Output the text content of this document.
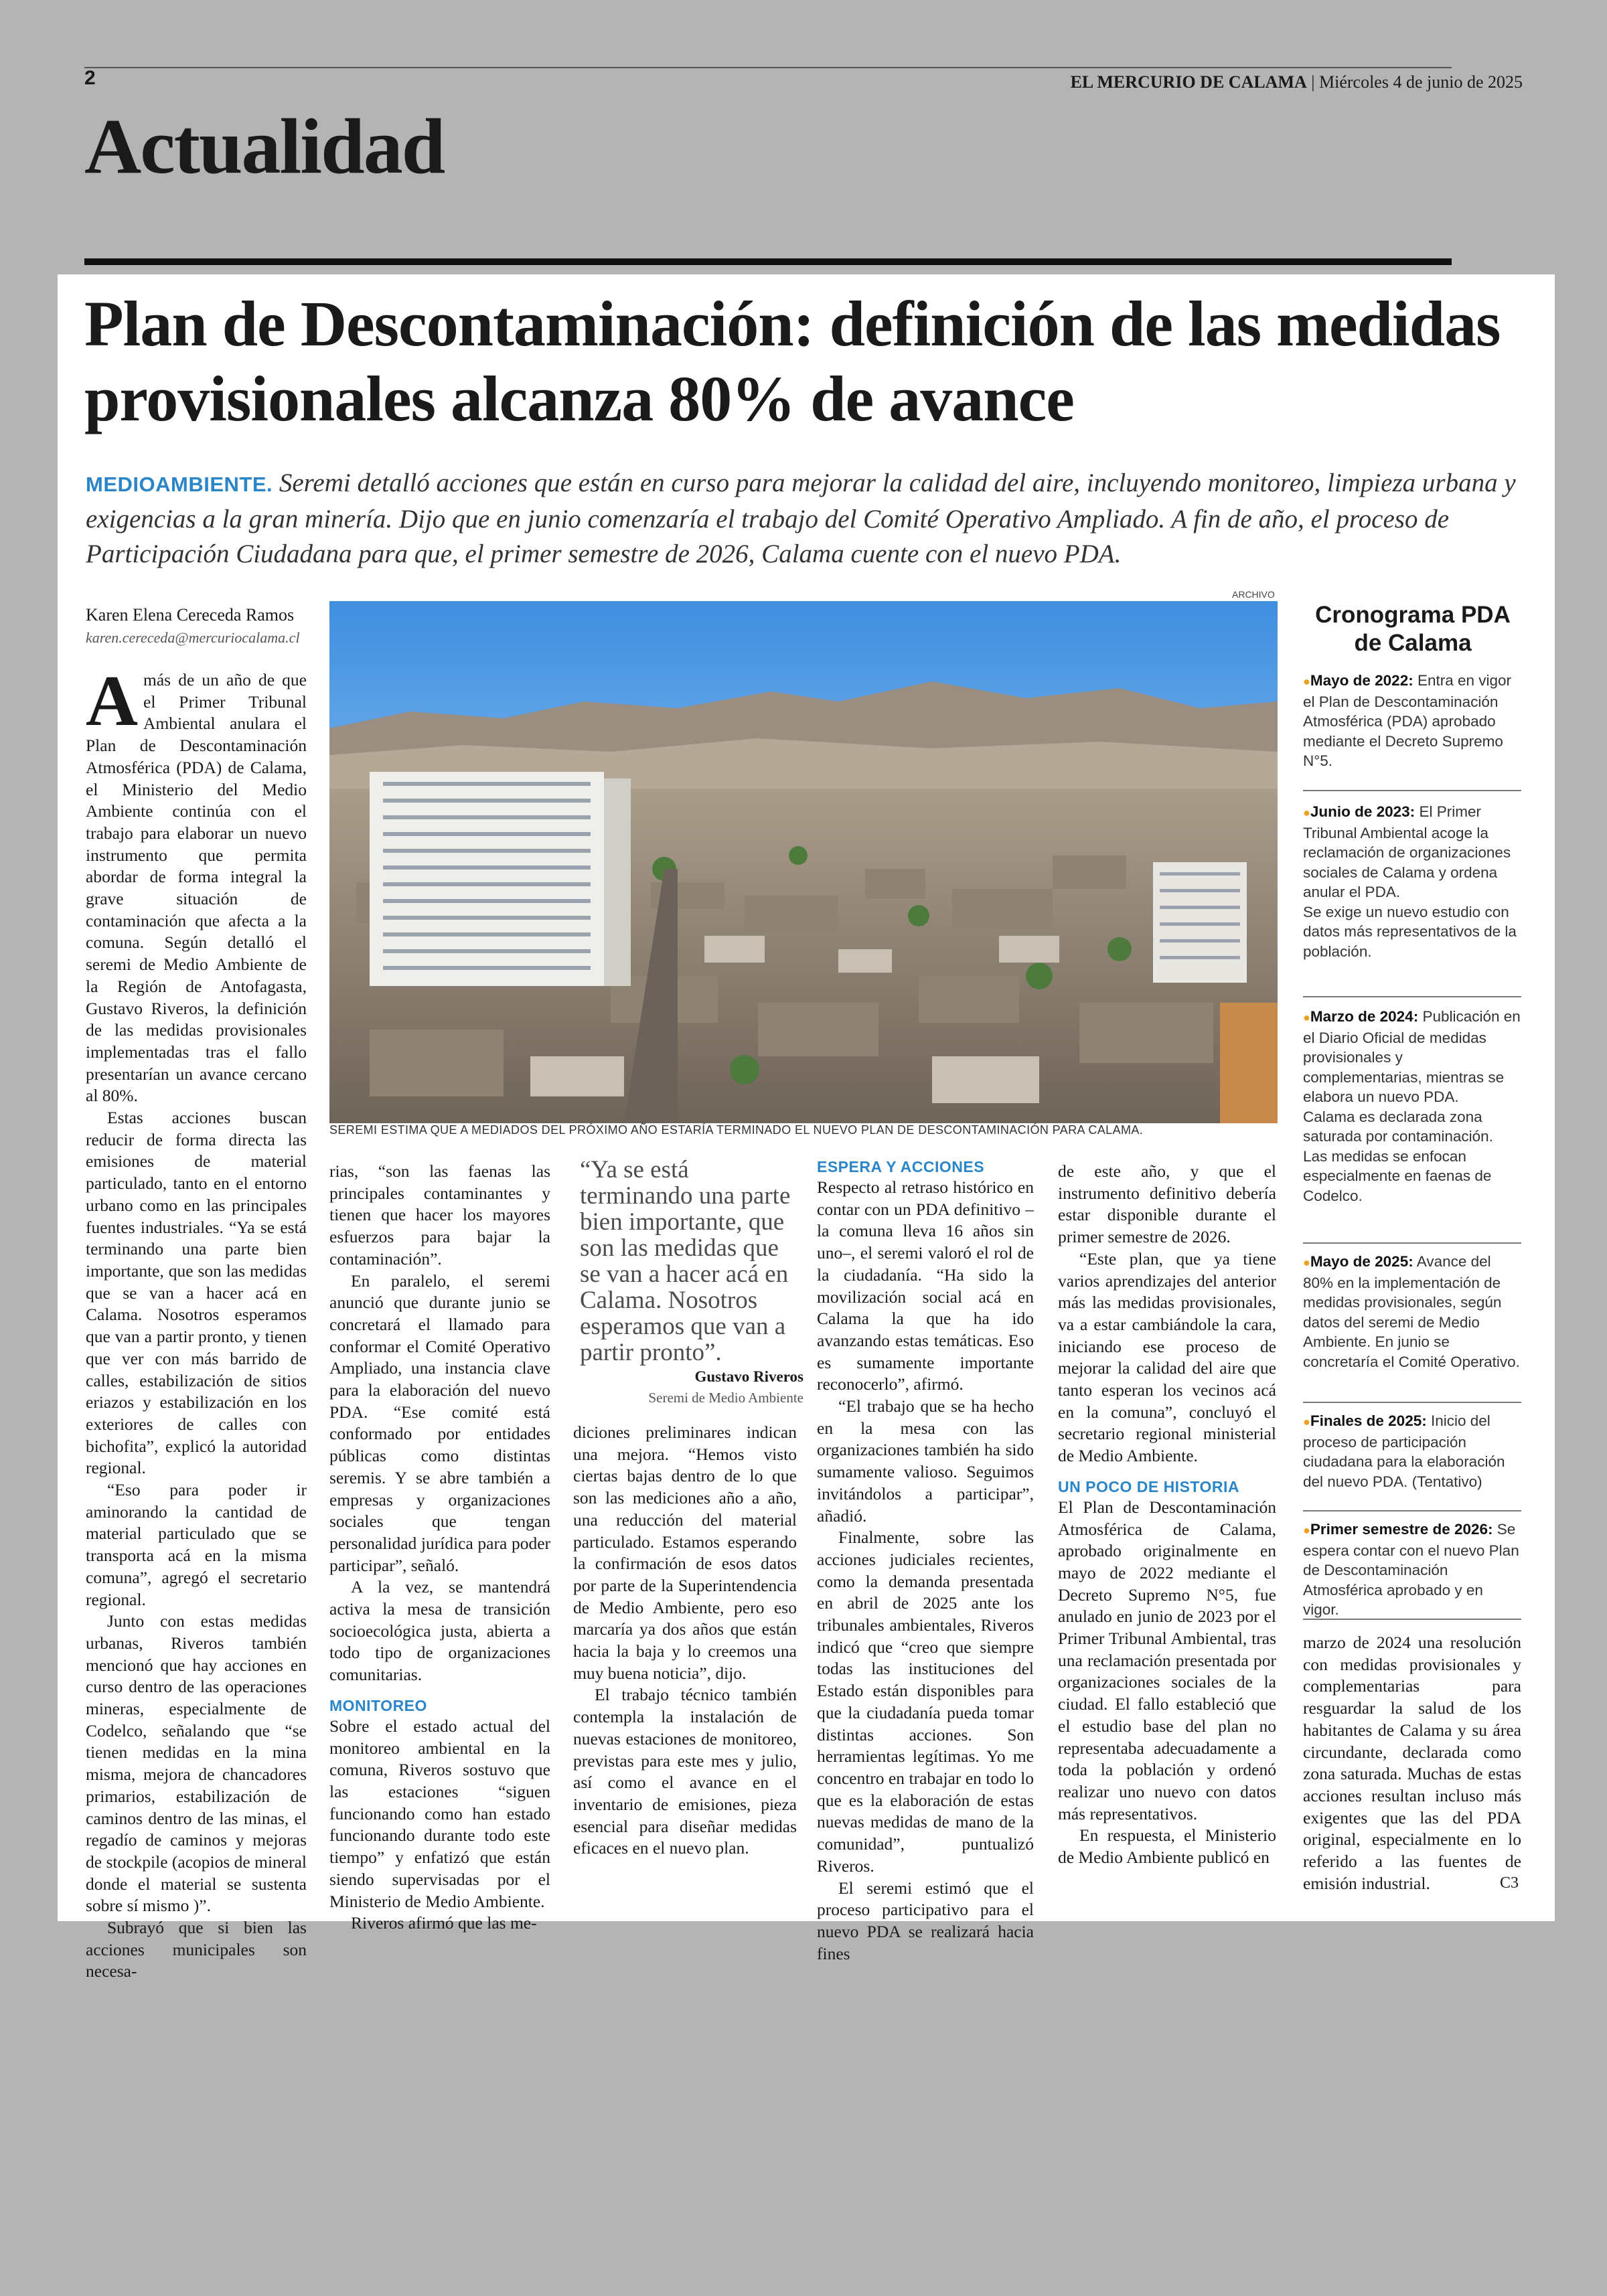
2	EL MERCURIO DE CALAMA | Miércoles 4 de junio de 2025
Actualidad
Plan de Descontaminación: definición de las medidas provisionales alcanza 80% de avance
MEDIOAMBIENTE. Seremi detalló acciones que están en curso para mejorar la calidad del aire, incluyendo monitoreo, limpieza urbana y exigencias a la gran minería. Dijo que en junio comenzaría el trabajo del Comité Operativo Ampliado. A fin de año, el proceso de Participación Ciudadana para que, el primer semestre de 2026, Calama cuente con el nuevo PDA.
Karen Elena Cereceda Ramos
karen.cereceda@mercuriocalama.cl

Amás de un año de que el Primer Tribunal Ambiental anulara el Plan de Descontaminación Atmosférica (PDA) de Calama, el Ministerio del Medio Ambiente continúa con el trabajo para elaborar un nuevo instrumento que permita abordar de forma integral la grave situación de contaminación que afecta a la comuna. Según detalló el seremi de Medio Ambiente de la Región de Antofagasta, Gustavo Riveros, la definición de las medidas provisionales implementadas tras el fallo presentarían un avance cercano al 80%.

Estas acciones buscan reducir de forma directa las emisiones de material particulado, tanto en el entorno urbano como en las principales fuentes industriales. “Ya se está terminando una parte bien importante, que son las medidas que se van a hacer acá en Calama. Nosotros esperamos que van a partir pronto, y tienen que ver con más barrido de calles, estabilización de sitios eriazos y estabilización en los exteriores de calles con bichofita”, explicó la autoridad regional.

“Eso para poder ir aminorando la cantidad de material particulado que se transporta acá en la misma comuna”, agregó el secretario regional.

Junto con estas medidas urbanas, Riveros también mencionó que hay acciones en curso dentro de las operaciones mineras, especialmente de Codelco, señalando que “se tienen medidas en la mina misma, mejora de chancadores primarios, estabilización de caminos dentro de las minas, el regadío de caminos y mejoras de stockpile (acopios de mineral donde el material se sustenta sobre sí mismo )”.

Subrayó que si bien las acciones municipales son necesa-

ARCHIVO
SEREMI ESTIMA QUE A MEDIADOS DEL PRÓXIMO AÑO ESTARÍA TERMINADO EL NUEVO PLAN DE DESCONTAMINACIÓN PARA CALAMA.

rias, “son las faenas las principales contaminantes y tienen que hacer los mayores esfuerzos para bajar la contaminación”.

En paralelo, el seremi anunció que durante junio se concretará el llamado para conformar el Comité Operativo Ampliado, una instancia clave para la elaboración del nuevo PDA. “Ese comité está conformado por entidades públicas como distintas seremis. Y se abre también a empresas y organizaciones sociales que tengan personalidad jurídica para poder participar”, señaló.

A la vez, se mantendrá activa la mesa de transición socioecológica justa, abierta a todo tipo de organizaciones comunitarias.

MONITOREO

Sobre el estado actual del monitoreo ambiental en la comuna, Riveros sostuvo que las estaciones “siguen funcionando como han estado funcionando durante todo este tiempo” y enfatizó que están siendo supervisadas por el Ministerio de Medio Ambiente.

Riveros afirmó que las me-

“Ya se está terminando una parte bien importante, que son las medidas que se van a hacer acá en Calama. Nosotros esperamos que van a partir pronto”.
Gustavo Riveros
Seremi de Medio Ambiente

diciones preliminares indican una mejora. “Hemos visto ciertas bajas dentro de lo que son las mediciones año a año, una reducción del material particulado. Estamos esperando la confirmación de esos datos por parte de la Superintendencia de Medio Ambiente, pero eso marcaría ya dos años que están hacia la baja y lo creemos una muy buena noticia”, dijo.

El trabajo técnico también contempla la instalación de nuevas estaciones de monitoreo, previstas para este mes y julio, así como el avance en el inventario de emisiones, pieza esencial para diseñar medidas eficaces en el nuevo plan.

ESPERA Y ACCIONES

Respecto al retraso histórico en contar con un PDA definitivo –la comuna lleva 16 años sin uno–, el seremi valoró el rol de la ciudadanía. “Ha sido la movilización social acá en Calama la que ha ido avanzando estas temáticas. Eso es sumamente importante reconocerlo”, afirmó.

“El trabajo que se ha hecho en la mesa con las organizaciones también ha sido sumamente valioso. Seguimos invitándolos a participar”, añadió.

Finalmente, sobre las acciones judiciales recientes, como la demanda presentada en abril de 2025 ante los tribunales ambientales, Riveros indicó que “creo que siempre todas las instituciones del Estado están disponibles para que la ciudadanía pueda tomar distintas acciones. Son herramientas legítimas. Yo me concentro en trabajar en todo lo que es la elaboración de estas nuevas medidas de mano de la comunidad”, puntualizó Riveros.

El seremi estimó que el proceso participativo para el nuevo PDA se realizará hacia fines

de este año, y que el instrumento definitivo debería estar disponible durante el primer semestre de 2026.

“Este plan, que ya tiene varios aprendizajes del anterior más las medidas provisionales, va a estar cambiándole la cara, iniciando ese proceso de mejorar la calidad del aire que tanto esperan los vecinos acá en la comuna”, concluyó el secretario regional ministerial de Medio Ambiente.

UN POCO DE HISTORIA

El Plan de Descontaminación Atmosférica de Calama, aprobado originalmente en mayo de 2022 mediante el Decreto Supremo N°5, fue anulado en junio de 2023 por el Primer Tribunal Ambiental, tras una reclamación presentada por organizaciones sociales de la ciudad. El fallo estableció que el estudio base del plan no representaba adecuadamente a toda la población y ordenó realizar uno nuevo con datos más representativos.

En respuesta, el Ministerio de Medio Ambiente publicó en

Cronograma PDA de Calama
●Mayo de 2022: Entra en vigor el Plan de Descontaminación Atmosférica (PDA) aprobado mediante el Decreto Supremo N°5.
●Junio de 2023: El Primer Tribunal Ambiental acoge la reclamación de organizaciones sociales de Calama y ordena anular el PDA.
Se exige un nuevo estudio con datos más representativos de la población.
●Marzo de 2024: Publicación en el Diario Oficial de medidas provisionales y complementarias, mientras se elabora un nuevo PDA.
Calama es declarada zona saturada por contaminación. Las medidas se enfocan especialmente en faenas de Codelco.
●Mayo de 2025: Avance del 80% en la implementación de medidas provisionales, según datos del seremi de Medio Ambiente. En junio se concretaría el Comité Operativo.
●Finales de 2025: Inicio del proceso de participación ciudadana para la elaboración del nuevo PDA. (Tentativo)
●Primer semestre de 2026: Se espera contar con el nuevo Plan de Descontaminación Atmosférica aprobado y en vigor.

marzo de 2024 una resolución con medidas provisionales y complementarias para resguardar la salud de los habitantes de Calama y su área circundante, declarada como zona saturada. Muchas de estas acciones resultan incluso más exigentes que las del PDA original, especialmente en lo referido a las fuentes de emisión industrial.	C3
